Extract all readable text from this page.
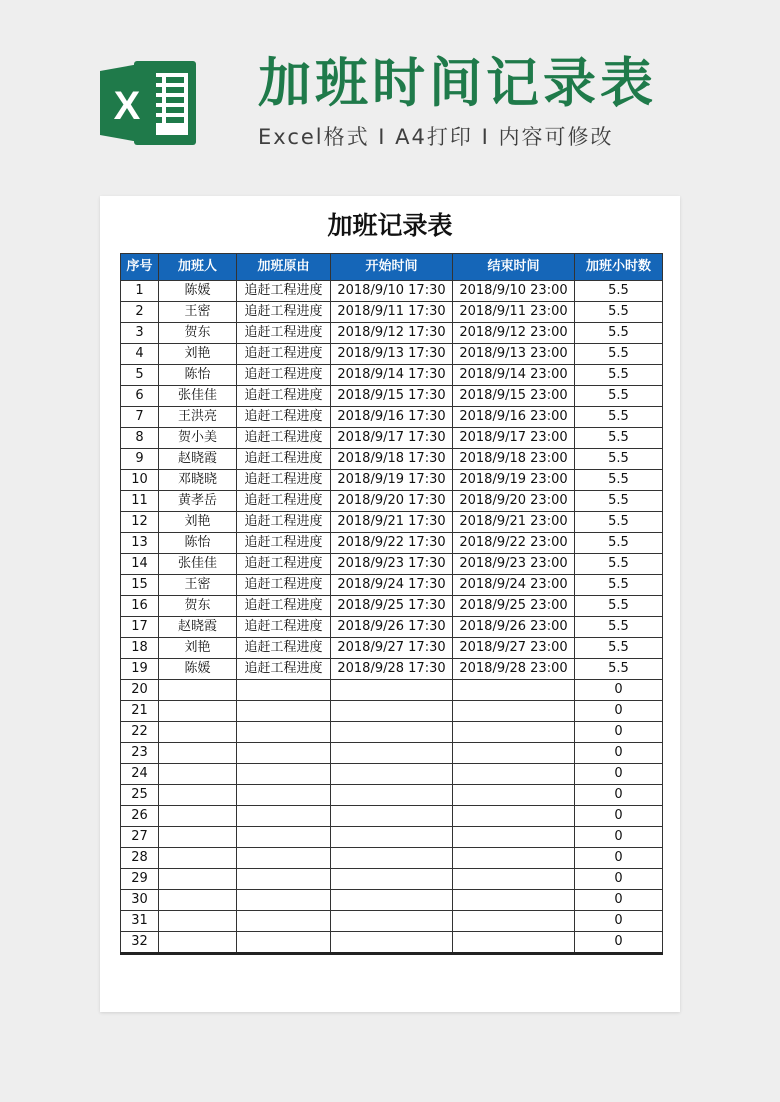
X 加班时间记录表
Excel格式 I A4打印 I 内容可修改
加班记录表
序号	加班人	加班原由	开始时间	结束时间	加班小时数
1	陈媛	追赶工程进度	2018/9/10 17:30	2018/9/10 23:00	5.5
2	王密	追赶工程进度	2018/9/11 17:30	2018/9/11 23:00	5.5
3	贺东	追赶工程进度	2018/9/12 17:30	2018/9/12 23:00	5.5
4	刘艳	追赶工程进度	2018/9/13 17:30	2018/9/13 23:00	5.5
5	陈怡	追赶工程进度	2018/9/14 17:30	2018/9/14 23:00	5.5
6	张佳佳	追赶工程进度	2018/9/15 17:30	2018/9/15 23:00	5.5
7	王洪亮	追赶工程进度	2018/9/16 17:30	2018/9/16 23:00	5.5
8	贺小美	追赶工程进度	2018/9/17 17:30	2018/9/17 23:00	5.5
9	赵晓霞	追赶工程进度	2018/9/18 17:30	2018/9/18 23:00	5.5
10	邓晓晓	追赶工程进度	2018/9/19 17:30	2018/9/19 23:00	5.5
11	黄孝岳	追赶工程进度	2018/9/20 17:30	2018/9/20 23:00	5.5
12	刘艳	追赶工程进度	2018/9/21 17:30	2018/9/21 23:00	5.5
13	陈怡	追赶工程进度	2018/9/22 17:30	2018/9/22 23:00	5.5
14	张佳佳	追赶工程进度	2018/9/23 17:30	2018/9/23 23:00	5.5
15	王密	追赶工程进度	2018/9/24 17:30	2018/9/24 23:00	5.5
16	贺东	追赶工程进度	2018/9/25 17:30	2018/9/25 23:00	5.5
17	赵晓霞	追赶工程进度	2018/9/26 17:30	2018/9/26 23:00	5.5
18	刘艳	追赶工程进度	2018/9/27 17:30	2018/9/27 23:00	5.5
19	陈媛	追赶工程进度	2018/9/28 17:30	2018/9/28 23:00	5.5
20					0
21					0
22					0
23					0
24					0
25					0
26					0
27					0
28					0
29					0
30					0
31					0
32					0
